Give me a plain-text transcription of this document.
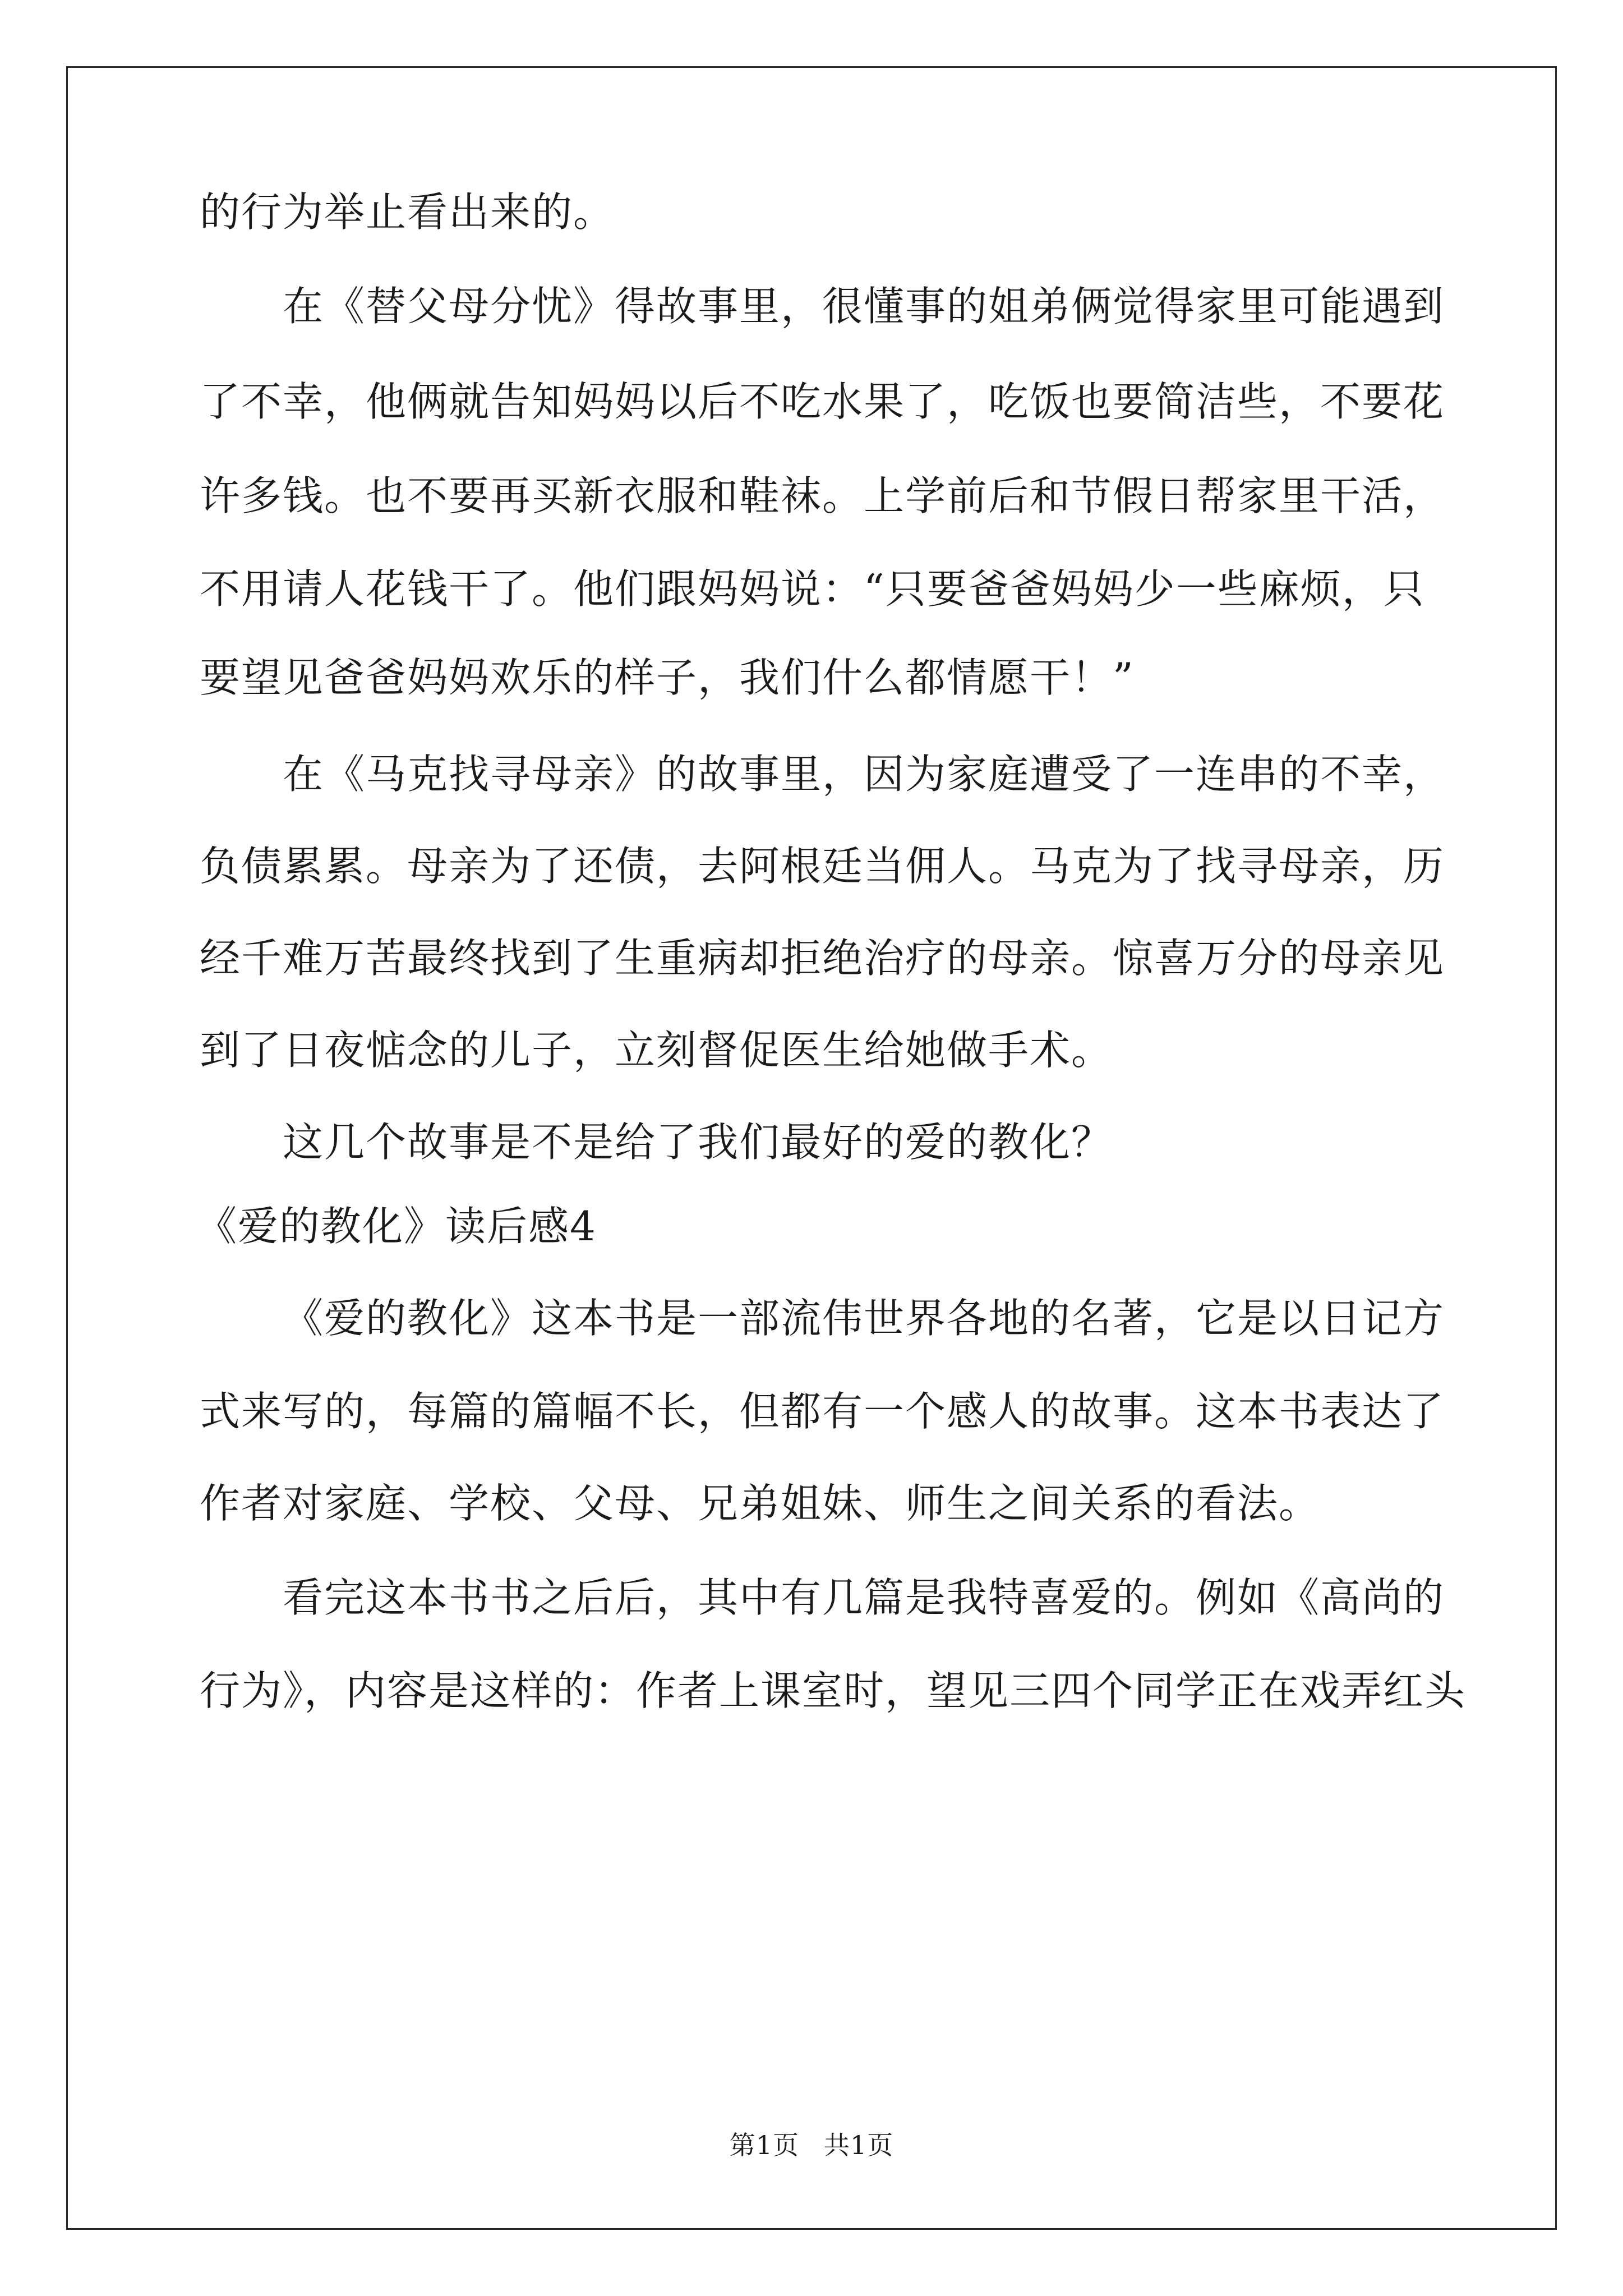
的行为举止看出来的。
在《替父母分忧》得故事里，很懂事的姐弟俩觉得家里可能遇到
了不幸，他俩就告知妈妈以后不吃水果了，吃饭也要简洁些，不要花
许多钱。也不要再买新衣服和鞋袜。上学前后和节假日帮家里干活，
不用请人花钱干了。他们跟妈妈说：“只要爸爸妈妈少一些麻烦，只
要望见爸爸妈妈欢乐的样子，我们什么都情愿干！”
在《马克找寻母亲》的故事里，因为家庭遭受了一连串的不幸，
负债累累。母亲为了还债，去阿根廷当佣人。马克为了找寻母亲，历
经千难万苦最终找到了生重病却拒绝治疗的母亲。惊喜万分的母亲见
到了日夜惦念的儿子，立刻督促医生给她做手术。
这几个故事是不是给了我们最好的爱的教化？
《爱的教化》读后感4
《爱的教化》这本书是一部流伟世界各地的名著，它是以日记方
式来写的，每篇的篇幅不长，但都有一个感人的故事。这本书表达了
作者对家庭、学校、父母、兄弟姐妹、师生之间关系的看法。
看完这本书书之后后，其中有几篇是我特喜爱的。例如《高尚的
行为》，内容是这样的：作者上课室时，望见三四个同学正在戏弄红头
第1页 共1页
